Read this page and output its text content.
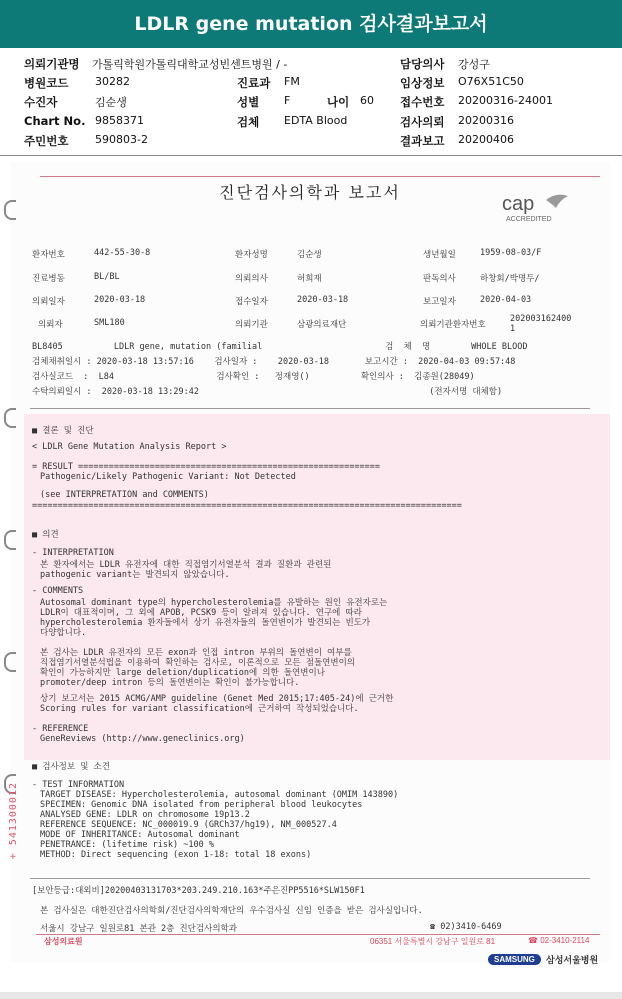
LDLR gene mutation 검사결과보고서
의뢰기관명 가톨릭학원가톨릭대학교성빈센트병원 / -	담당의사 강성구
병원코드 30282	진료과 FM	임상정보 O76X51C50
수진자	김순생	성별 F	나이 60 접수번호 20200316-24001
Chart No. 9858371	검체 EDTA Blood	검사의뢰 20200316
주민번호 590803-2	결과보고 20200406
진단검사의학과 보고서
cap
ACCREDITED
환자번호	442-55-30-8	환자성명	김순생	생년월일	1959-08-03/F
진료병동	BL/BL	의뢰의사	허희재	판독의사	하창회/박명두/
의뢰일자	2020-03-18	접수일자	2020-03-18	보고일자	2020-04-03
의뢰자	SML180	의뢰기관	삼광의료재단	의뢰기관환자번호
202003162400 1
BL8405          LDLR gene, mutation (familial                        검  체  명        WHOLE BLOOD
검체채취일시 : 2020-03-18 13:57:16    검사일자 :    2020-03-18       보고시간 :  2020-04-03 09:57:48
검사실코드  :  L84                    검사확인 :   정재영()          확인의사 :  김종원(28049)
수탁의뢰일시 :  2020-03-18 13:29:42                                             (전자서명 대체함)
■ 결론 및 진단
< LDLR Gene Mutation Analysis Report >
= RESULT ===========================================================
Pathogenic/Likely Pathogenic Variant: Not Detected
(see INTERPRETATION and COMMENTS)
====================================================================================
■ 의견
- INTERPRETATION
본 환자에서는 LDLR 유전자에 대한 직접염기서열분석 결과 질환과 관련된
pathogenic variant는 발견되지 않았습니다.
- COMMENTS
Autosomal dominant type의 hypercholesterolemia를 유발하는 원인 유전자로는
LDLR이 대표적이며, 그 외에 APOB, PCSK9 등이 알려져 있습니다. 연구에 따라
hypercholesterolemia 환자들에서 상기 유전자들의 돌연변이가 발견되는 빈도가
다양합니다.
본 검사는 LDLR 유전자의 모든 exon과 인접 intron 부위의 돌연변이 여부를
직접염기서열분석법을 이용하여 확인하는 검사로, 이론적으로 모든 점돌연변이의
확인이 가능하지만 large deletion/duplication에 의한 돌연변이나
promoter/deep intron 등의 돌연변이는 확인이 불가능합니다.
상기 보고서는 2015 ACMG/AMP guideline (Genet Med 2015;17:405-24)에 근거한
Scoring rules for variant classification에 근거하여 작성되었습니다.
- REFERENCE
GeneReviews (http://www.geneclinics.org)
■ 검사정보 및 소견
- TEST INFORMATION
TARGET DISEASE: Hypercholesterolemia, autosomal dominant (OMIM 143890)
SPECIMEN: Genomic DNA isolated from peripheral blood leukocytes
ANALYSED GENE: LDLR on chromosome 19p13.2
REFERENCE SEQUENCE: NC_000019.9 (GRCh37/hg19), NM_000527.4
MODE OF INHERITANCE: Autosomal dominant
PENETRANCE: (lifetime risk) ~100 %
METHOD: Direct sequencing (exon 1-18: total 18 exons)
+ 541300012
[보안등급:대외비]20200403131703*203.249.210.163*주은진PP5516*SLW150F1
본 검사실은 대한진단검사의학회/진단검사의학재단의 우수검사실 신임 인증을 받은 검사실입니다.
서울시 강남구 일원로81 본관 2층 진단검사의학과	☎ 02)3410-6469
삼성의료원	06351 서울특별시 강남구 일원로 81	☎ 02-3410-2114
SAMSUNG	삼성서울병원
